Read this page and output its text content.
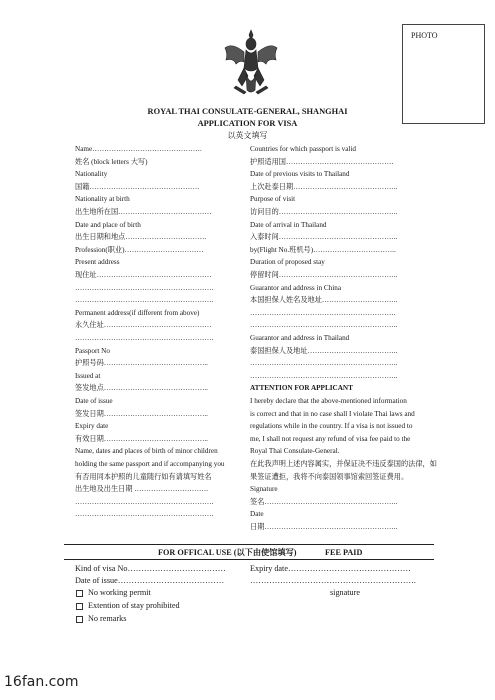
PHOTO
ROYAL THAI CONSULATE-GENERAL, SHANGHAI
APPLICATION FOR VISA
以英文填写
Name……………………………………….
姓名 (block letters 大写)
Nationality
国籍……………………………………….
Nationality at birth
出生地所在国…………………………………
Date and place of birth
出生日期和地点…………………………….
Profession(职业)……………………………
Present address
现住址…………………………………………
………………………………………………….
………………………………………………….
Permanent address(if different from above)
永久住址………………………………………
………………………………………………….
Passport No
护照号码……………………………………..
Issued at
签发地点……………………………………..
Date of issue
签发日期……………………………………..
Expiry date
有效日期……………………………………..
Name, dates and places of birth of minor children
holding the same passport and if accompanying you
有否用同本护照的儿童随行如有请填写姓名
出生地及出生日期 ………………………….
………………………………………………….
………………………………………………….
Countries for which passport is valid
护照适用国………………………………………
Date of previous visits to Thailand
上次赴泰日期……………………………………..
Purpose of visit
访问目的…………………………………………..
Date of arrival in Thailand
入泰时间…………………………………………..
by(Flight No.班机号)……………………………..
Duration of proposed stay
停留时间…………………………………………..
Guarantor and address in China
本国担保人姓名及地址…………………………..
…………………………………………………….
……………………………………………………..
Guarantor and address in Thailand
泰国担保人及地址………………………………..
……………………………………………………..
……………………………………………………..
ATTENTION FOR APPLICANT
I hereby declare that the above-mentioned information
is correct and that in no case shall I violate Thai laws and
regulations while in the country. If a visa is not issued to
me, I shall not request any refund of visa fee paid to the
Royal Thai Consulate-General.
在此我声明上述内容属实，并保证决不违反泰国的法律，如
果签证遭拒，我将不向泰国领事馆索回签证费用。
Signature
签名………………………………………………..
Date
日期………………………………………………..
FOR OFFICAL USE (以下由使馆填写)	FEE PAID
Kind of visa No………………………………	Expiry date………………………………………
Date of issue…………………………………	…………………………………………………….
signature
No working permit
Extention of stay prohibited
No remarks
16fan.com
